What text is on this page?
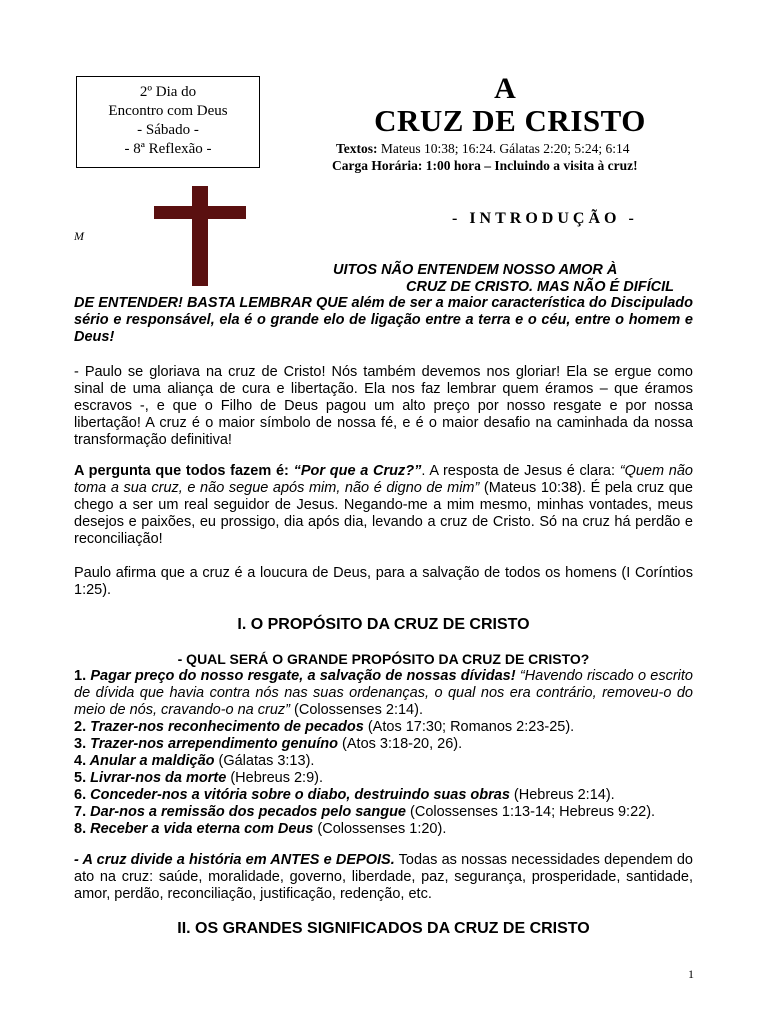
2º Dia do
Encontro com Deus
- Sábado -
- 8ª Reflexão -
A
CRUZ DE CRISTO
Textos: Mateus 10:38; 16:24. Gálatas 2:20; 5:24; 6:14
Carga Horária: 1:00 hora – Incluindo a visita à cruz!
- INTRODUÇÃO -
M
UITOS NÃO ENTENDEM NOSSO AMOR À
CRUZ DE CRISTO. MAS NÃO É DIFÍCIL

DE ENTENDER! BASTA LEMBRAR QUE além de ser a maior característica do Discipulado sério e responsável, ela é o grande elo de ligação entre a terra e o céu, entre o homem e Deus!

- Paulo se gloriava na cruz de Cristo! Nós também devemos nos gloriar! Ela se ergue como sinal de uma aliança de cura e libertação. Ela nos faz lembrar quem éramos – que éramos escravos -, e que o Filho de Deus pagou um alto preço por nosso resgate e por nossa libertação! A cruz é o maior símbolo de nossa fé, e é o maior desafio na caminhada da nossa transformação definitiva!

A pergunta que todos fazem é: “Por que a Cruz?”. A resposta de Jesus é clara: “Quem não toma a sua cruz, e não segue após mim, não é digno de mim” (Mateus 10:38). É pela cruz que chego a ser um real seguidor de Jesus. Negando-me a mim mesmo, minhas vontades, meus desejos e paixões, eu prossigo, dia após dia, levando a cruz de Cristo. Só na cruz há perdão e reconciliação!

Paulo afirma que a cruz é a loucura de Deus, para a salvação de todos os homens (I Coríntios 1:25).

I. O PROPÓSITO DA CRUZ DE CRISTO
- QUAL SERÁ O GRANDE PROPÓSITO DA CRUZ DE CRISTO?

1. Pagar preço do nosso resgate, a salvação de nossas dívidas! “Havendo riscado o escrito de dívida que havia contra nós nas suas ordenanças, o qual nos era contrário, removeu-o do meio de nós, cravando-o na cruz” (Colossenses 2:14).

2. Trazer-nos reconhecimento de pecados (Atos 17:30; Romanos 2:23-25).

3. Trazer-nos arrependimento genuíno (Atos 3:18-20, 26).

4. Anular a maldição (Gálatas 3:13).

5. Livrar-nos da morte (Hebreus 2:9).

6. Conceder-nos a vitória sobre o diabo, destruindo suas obras (Hebreus 2:14).

7. Dar-nos a remissão dos pecados pelo sangue (Colossenses 1:13-14; Hebreus 9:22).

8. Receber a vida eterna com Deus (Colossenses 1:20).

- A cruz divide a história em ANTES e DEPOIS. Todas as nossas necessidades dependem do ato na cruz: saúde, moralidade, governo, liberdade, paz, segurança, prosperidade, santidade, amor, perdão, reconciliação, justificação, redenção, etc.

II. OS GRANDES SIGNIFICADOS DA CRUZ DE CRISTO
1
